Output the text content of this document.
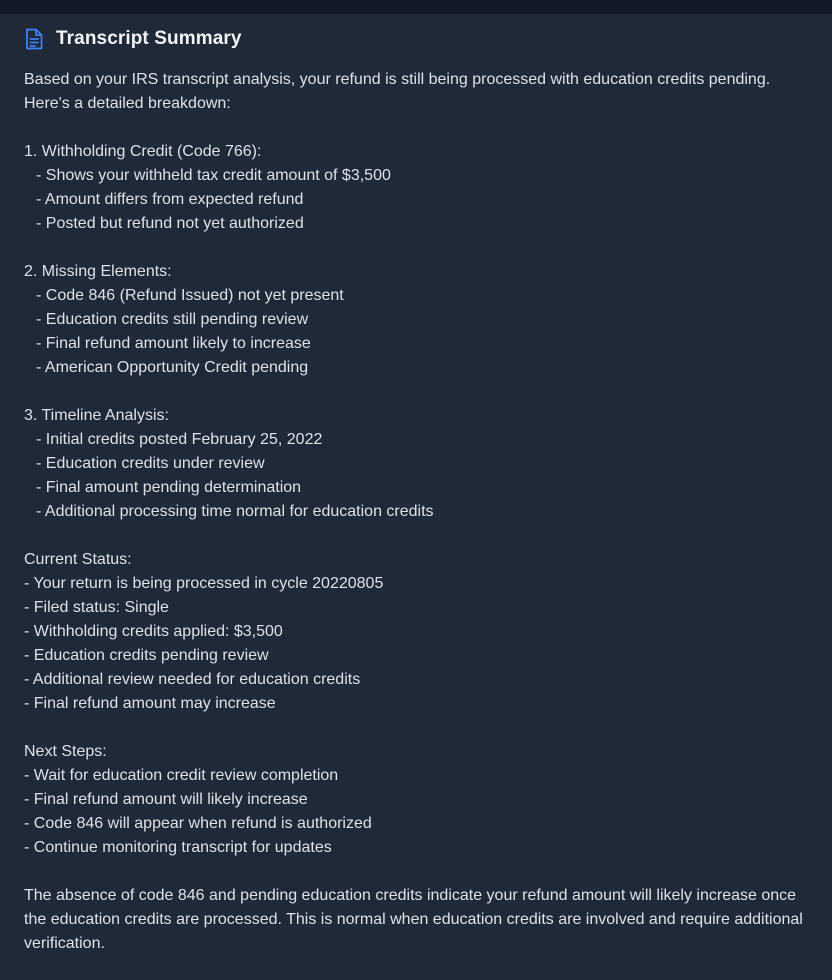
Transcript Summary

Based on your IRS transcript analysis, your refund is still being processed with education credits pending. Here's a detailed breakdown:

1. Withholding Credit (Code 766):

- Shows your withheld tax credit amount of $3,500

- Amount differs from expected refund

- Posted but refund not yet authorized

2. Missing Elements:

- Code 846 (Refund Issued) not yet present

- Education credits still pending review

- Final refund amount likely to increase

- American Opportunity Credit pending

3. Timeline Analysis:

- Initial credits posted February 25, 2022

- Education credits under review

- Final amount pending determination

- Additional processing time normal for education credits

Current Status:

- Your return is being processed in cycle 20220805

- Filed status: Single

- Withholding credits applied: $3,500

- Education credits pending review

- Additional review needed for education credits

- Final refund amount may increase

Next Steps:

- Wait for education credit review completion

- Final refund amount will likely increase

- Code 846 will appear when refund is authorized

- Continue monitoring transcript for updates

The absence of code 846 and pending education credits indicate your refund amount will likely increase once the education credits are processed. This is normal when education credits are involved and require additional verification.
